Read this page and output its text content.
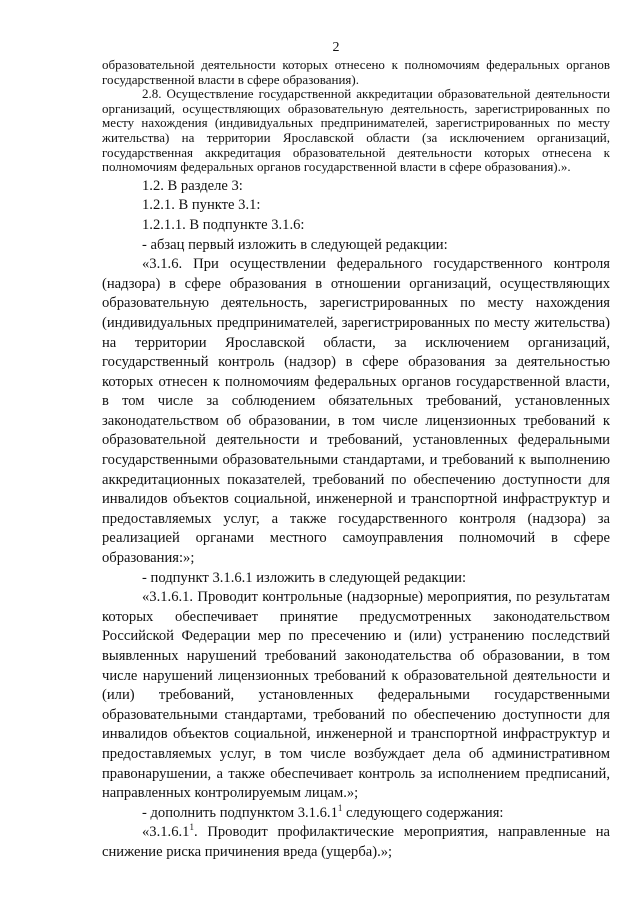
2

образовательной деятельности которых отнесено к полномочиям федеральных органов государственной власти в сфере образования).

2.8. Осуществление государственной аккредитации образовательной деятельности организаций, осуществляющих образовательную деятельность, зарегистрированных по месту нахождения (индивидуальных предпринимателей, зарегистрированных по месту жительства) на территории Ярославской области (за исключением организаций, государственная аккредитация образовательной деятельности которых отнесена к полномочиям федеральных органов государственной власти в сфере образования).».

1.2. В разделе 3:

1.2.1. В пункте 3.1:

1.2.1.1. В подпункте 3.1.6:

- абзац первый изложить в следующей редакции:

«3.1.6. При осуществлении федерального государственного контроля (надзора) в сфере образования в отношении организаций, осуществляющих образовательную деятельность, зарегистрированных по месту нахождения (индивидуальных предпринимателей, зарегистрированных по месту жительства) на территории Ярославской области, за исключением организаций, государственный контроль (надзор) в сфере образования за деятельностью которых отнесен к полномочиям федеральных органов государственной власти, в том числе за соблюдением обязательных требований, установленных законодательством об образовании, в том числе лицензионных требований к образовательной деятельности и требований, установленных федеральными государственными образовательными стандартами, и требований к выполнению аккредитационных показателей, требований по обеспечению доступности для инвалидов объектов социальной, инженерной и транспортной инфраструктур и предоставляемых услуг, а также государственного контроля (надзора) за реализацией органами местного самоуправления полномочий в сфере образования:»;

- подпункт 3.1.6.1 изложить в следующей редакции:

«3.1.6.1. Проводит контрольные (надзорные) мероприятия, по результатам которых обеспечивает принятие предусмотренных законодательством Российской Федерации мер по пресечению и (или) устранению последствий выявленных нарушений требований законодательства об образовании, в том числе нарушений лицензионных требований к образовательной деятельности и (или) требований, установленных федеральными государственными образовательными стандартами, требований по обеспечению доступности для инвалидов объектов социальной, инженерной и транспортной инфраструктур и предоставляемых услуг, в том числе возбуждает дела об административном правонарушении, а также обеспечивает контроль за исполнением предписаний, направленных контролируемым лицам.»;

- дополнить подпунктом 3.1.6.1$^1$ следующего содержания:

«3.1.6.1$^1$. Проводит профилактические мероприятия, направленные на снижение риска причинения вреда (ущерба).»;
